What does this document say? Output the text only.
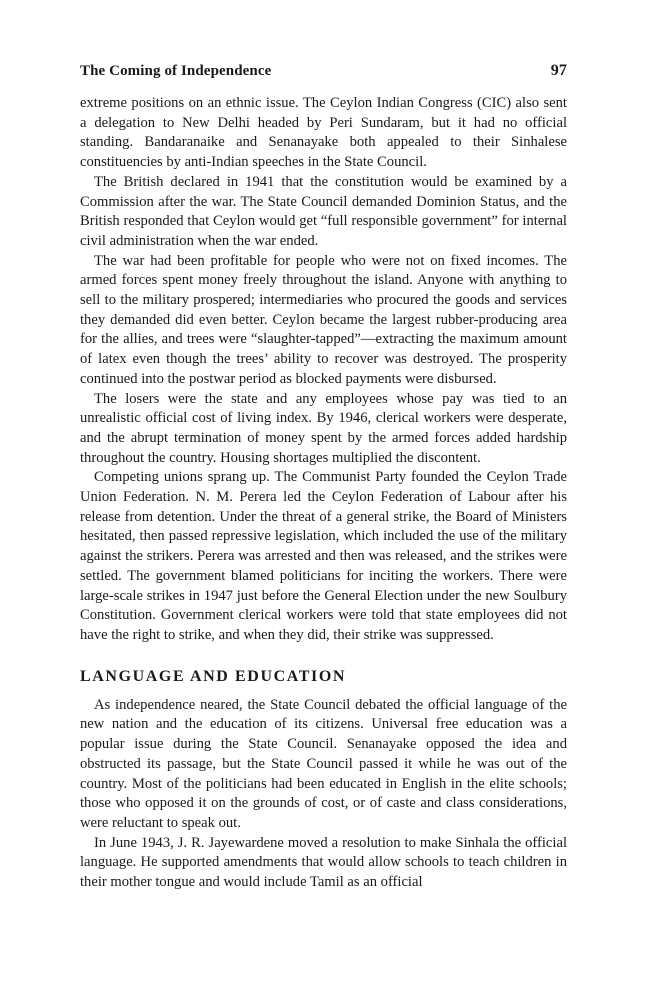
The Coming of Independence	97

extreme positions on an ethnic issue. The Ceylon Indian Congress (CIC) also sent a delegation to New Delhi headed by Peri Sundaram, but it had no official standing. Bandaranaike and Senanayake both appealed to their Sinhalese constituencies by anti-Indian speeches in the State Council.

The British declared in 1941 that the constitution would be examined by a Commission after the war. The State Council demanded Dominion Status, and the British responded that Ceylon would get “full responsible government” for internal civil administration when the war ended.

The war had been profitable for people who were not on fixed incomes. The armed forces spent money freely throughout the island. Anyone with anything to sell to the military prospered; intermediaries who procured the goods and services they demanded did even better. Ceylon became the largest rubber-producing area for the allies, and trees were “slaughter-tapped”—extracting the maximum amount of latex even though the trees’ ability to recover was destroyed. The prosperity continued into the postwar period as blocked payments were disbursed.

The losers were the state and any employees whose pay was tied to an unrealistic official cost of living index. By 1946, clerical workers were desperate, and the abrupt termination of money spent by the armed forces added hardship throughout the country. Housing shortages multiplied the discontent.

Competing unions sprang up. The Communist Party founded the Ceylon Trade Union Federation. N. M. Perera led the Ceylon Federation of Labour after his release from detention. Under the threat of a general strike, the Board of Ministers hesitated, then passed repressive legislation, which included the use of the military against the strikers. Perera was arrested and then was released, and the strikes were settled. The government blamed politicians for inciting the workers. There were large-scale strikes in 1947 just before the General Election under the new Soulbury Constitution. Government clerical workers were told that state employees did not have the right to strike, and when they did, their strike was suppressed.

LANGUAGE AND EDUCATION

As independence neared, the State Council debated the official language of the new nation and the education of its citizens. Universal free education was a popular issue during the State Council. Senanayake opposed the idea and obstructed its passage, but the State Council passed it while he was out of the country. Most of the politicians had been educated in English in the elite schools; those who opposed it on the grounds of cost, or of caste and class considerations, were reluctant to speak out.

In June 1943, J. R. Jayewardene moved a resolution to make Sinhala the official language. He supported amendments that would allow schools to teach children in their mother tongue and would include Tamil as an official
